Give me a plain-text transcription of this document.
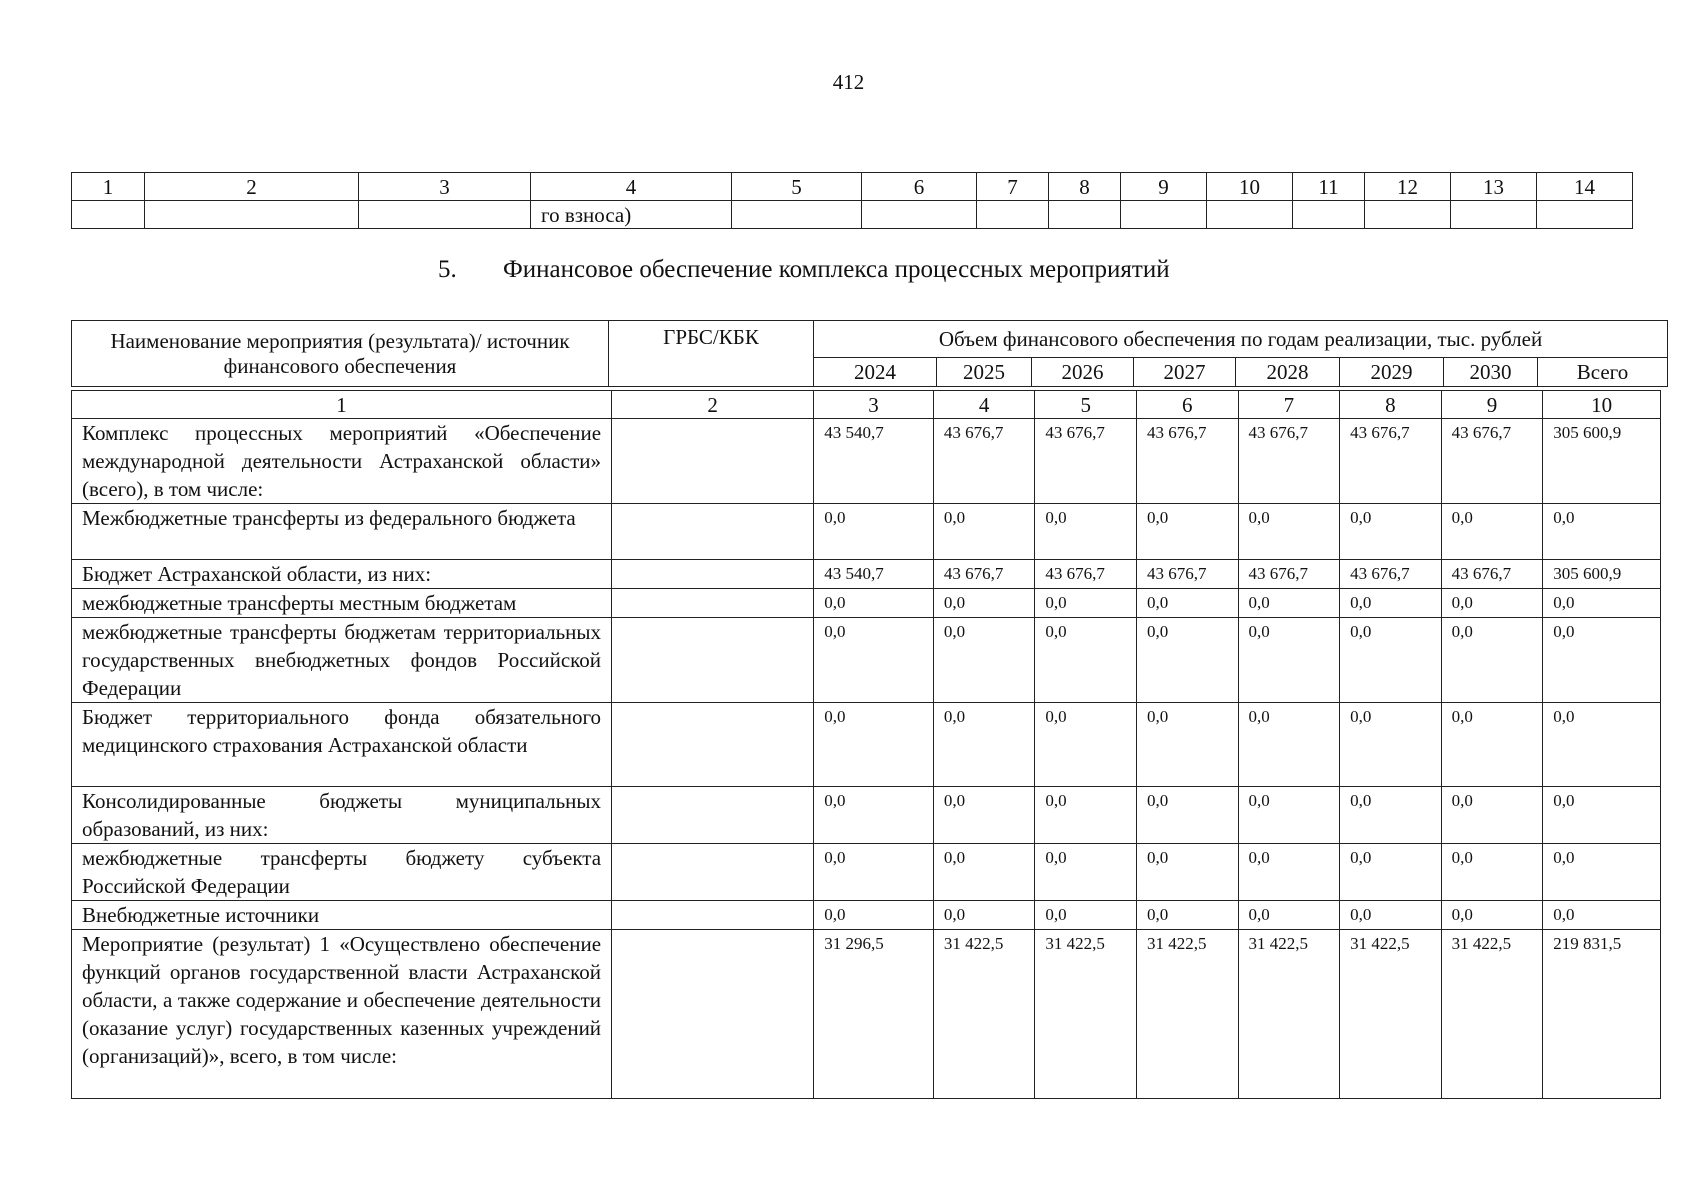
412
1	2	3	4	5	6	7	8	9	10	11	12	13	14
			го взноса)										
5. Финансовое обеспечение комплекса процессных мероприятий
Наименование мероприятия (результата)/ источник финансового обеспечения	ГРБС/КБК	Объем финансового обеспечения по годам реализации, тыс. рублей							
		2024	2025	2026	2027	2028	2029	2030	Всего
1	2	3	4	5	6	7	8	9	10
Комплекс процессных мероприятий «Обеспечение международной деятельности Астраханской области» (всего), в том числе:		43 540,7	43 676,7	43 676,7	43 676,7	43 676,7	43 676,7	43 676,7	305 600,9
Межбюджетные трансферты из федерального бюджета		0,0	0,0	0,0	0,0	0,0	0,0	0,0	0,0
Бюджет Астраханской области, из них:		43 540,7	43 676,7	43 676,7	43 676,7	43 676,7	43 676,7	43 676,7	305 600,9
межбюджетные трансферты местным бюджетам		0,0	0,0	0,0	0,0	0,0	0,0	0,0	0,0
межбюджетные трансферты бюджетам территориальных государственных внебюджетных фондов Российской Федерации		0,0	0,0	0,0	0,0	0,0	0,0	0,0	0,0
Бюджет территориального фонда обязательного медицинского страхования Астраханской области		0,0	0,0	0,0	0,0	0,0	0,0	0,0	0,0
Консолидированные бюджеты муниципальных образований, из них:		0,0	0,0	0,0	0,0	0,0	0,0	0,0	0,0
межбюджетные трансферты бюджету субъекта Российской Федерации		0,0	0,0	0,0	0,0	0,0	0,0	0,0	0,0
Внебюджетные источники		0,0	0,0	0,0	0,0	0,0	0,0	0,0	0,0
Мероприятие (результат) 1 «Осуществлено обеспечение функций органов государственной власти Астраханской области, а также содержание и обеспечение деятельности (оказание услуг) государственных казенных учреждений (организаций)», всего, в том числе:		31 296,5	31 422,5	31 422,5	31 422,5	31 422,5	31 422,5	31 422,5	219 831,5
